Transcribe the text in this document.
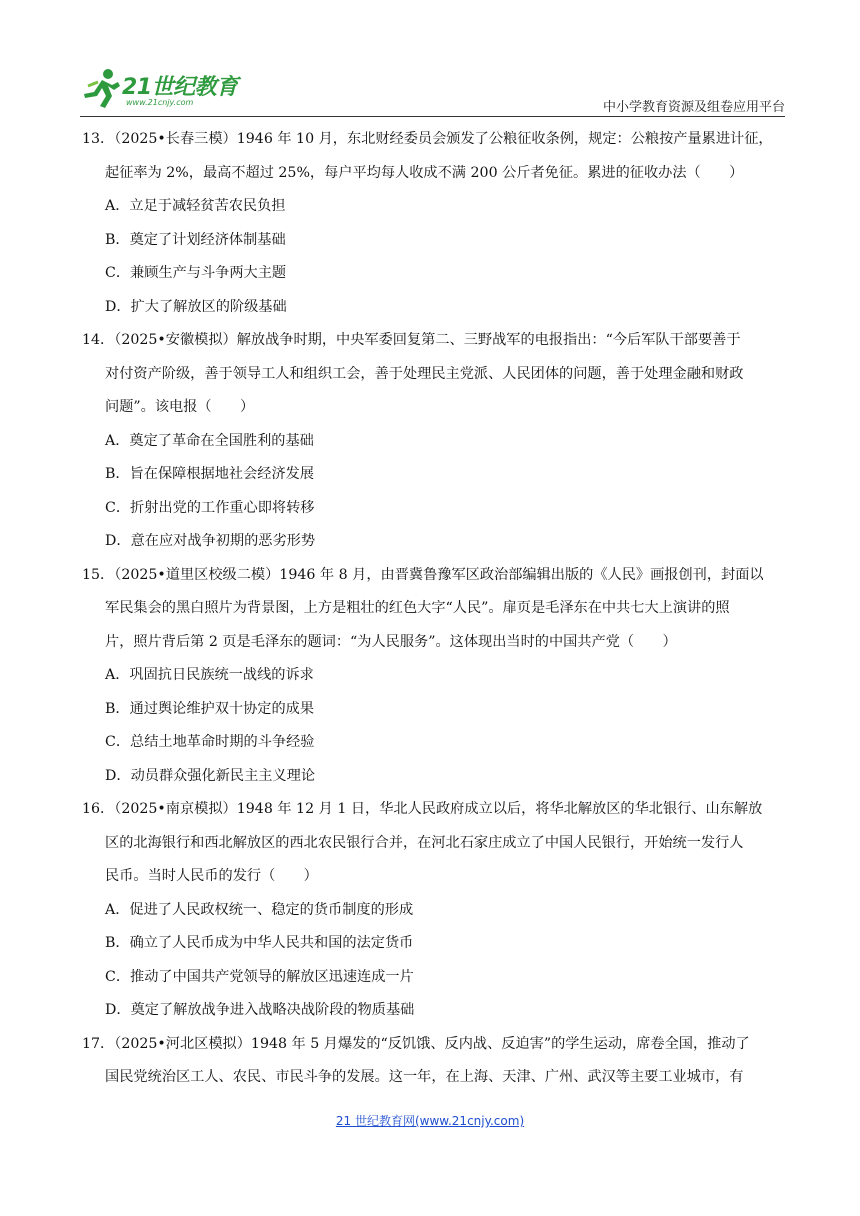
21世纪教育
www.21cnjy.com	中小学教育资源及组卷应用平台

13．（2025•长春三模）1946 年 10 月，东北财经委员会颁发了公粮征收条例，规定：公粮按产量累进计征，

起征率为 2%，最高不超过 25%，每户平均每人收成不满 200 公斤者免征。累进的征收办法（　　）

A．立足于减轻贫苦农民负担

B．奠定了计划经济体制基础

C．兼顾生产与斗争两大主题

D．扩大了解放区的阶级基础

14．（2025•安徽模拟）解放战争时期，中央军委回复第二、三野战军的电报指出：“今后军队干部要善于

对付资产阶级，善于领导工人和组织工会，善于处理民主党派、人民团体的问题，善于处理金融和财政

问题”。该电报（　　）

A．奠定了革命在全国胜利的基础

B．旨在保障根据地社会经济发展

C．折射出党的工作重心即将转移

D．意在应对战争初期的恶劣形势

15．（2025•道里区校级二模）1946 年 8 月，由晋冀鲁豫军区政治部编辑出版的《人民》画报创刊，封面以

军民集会的黑白照片为背景图，上方是粗壮的红色大字“人民”。扉页是毛泽东在中共七大上演讲的照

片，照片背后第 2 页是毛泽东的题词：“为人民服务”。这体现出当时的中国共产党（　　）

A．巩固抗日民族统一战线的诉求

B．通过舆论维护双十协定的成果

C．总结土地革命时期的斗争经验

D．动员群众强化新民主主义理论

16．（2025•南京模拟）1948 年 12 月 1 日，华北人民政府成立以后，将华北解放区的华北银行、山东解放

区的北海银行和西北解放区的西北农民银行合并，在河北石家庄成立了中国人民银行，开始统一发行人

民币。当时人民币的发行（　　）

A．促进了人民政权统一、稳定的货币制度的形成

B．确立了人民币成为中华人民共和国的法定货币

C．推动了中国共产党领导的解放区迅速连成一片

D．奠定了解放战争进入战略决战阶段的物质基础

17．（2025•河北区模拟）1948 年 5 月爆发的“反饥饿、反内战、反迫害”的学生运动，席卷全国，推动了

国民党统治区工人、农民、市民斗争的发展。这一年，在上海、天津、广州、武汉等主要工业城市，有

21 世纪教育网(www.21cnjy.com)
